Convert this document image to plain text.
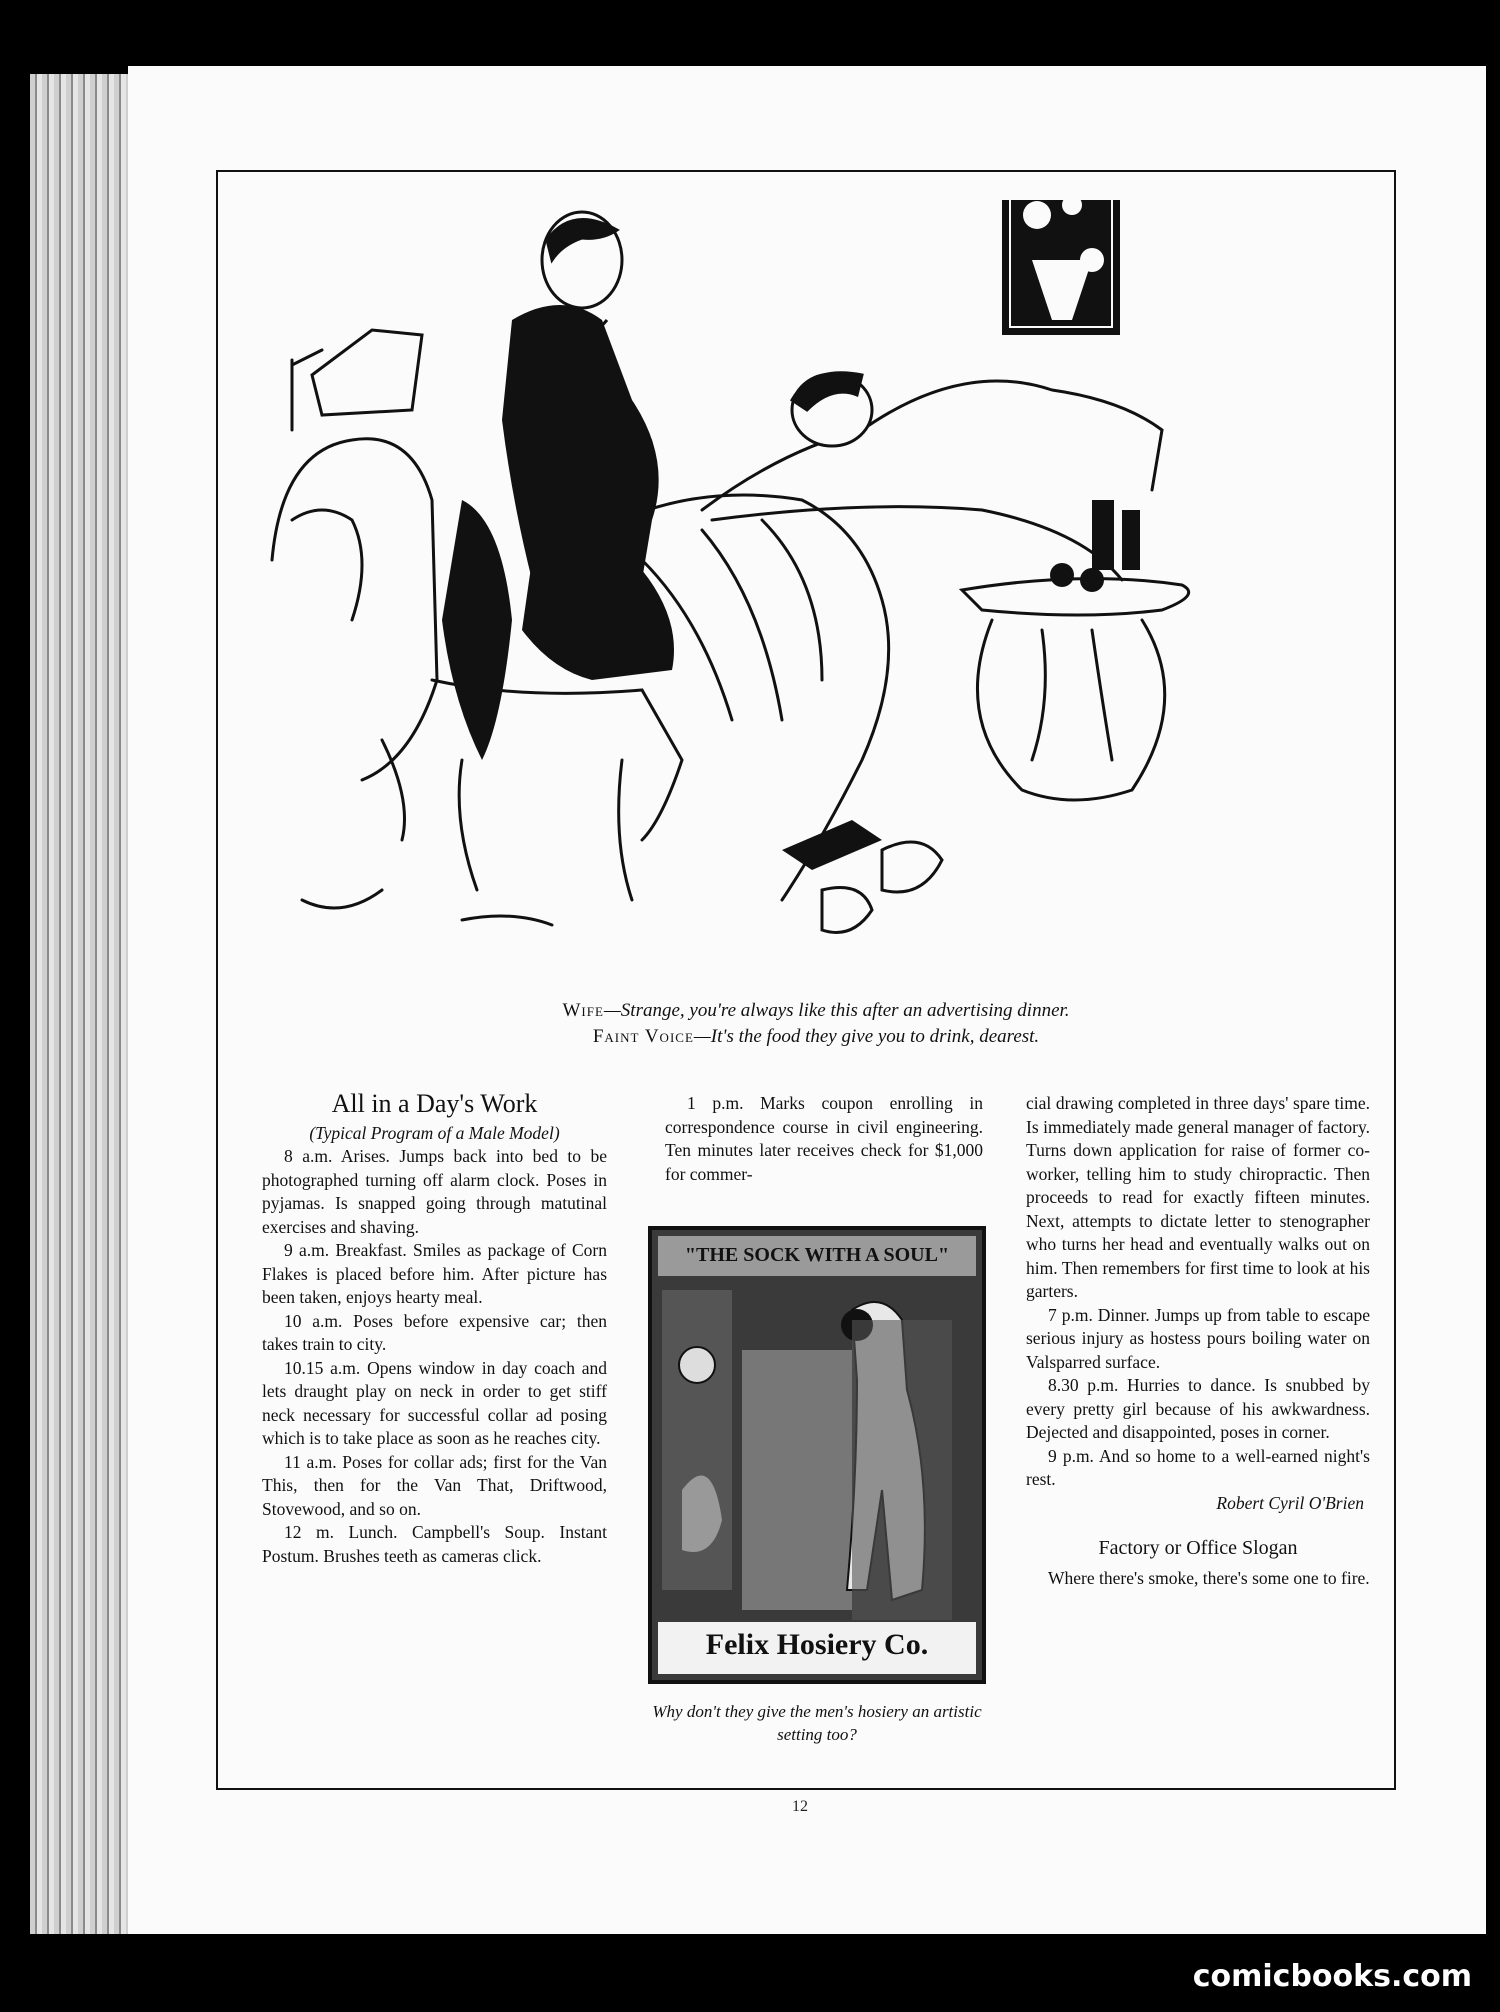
Wife—Strange, you're always like this after an advertising dinner.
Faint Voice—It's the food they give you to drink, dearest.
All in a Day's Work

(Typical Program of a Male Model)

8 a.m. Arises. Jumps back into bed to be photographed turning off alarm clock. Poses in pyjamas. Is snapped going through matutinal exercises and shaving.

9 a.m. Breakfast. Smiles as package of Corn Flakes is placed before him. After picture has been taken, enjoys hearty meal.

10 a.m. Poses before expensive car; then takes train to city.

10.15 a.m. Opens window in day coach and lets draught play on neck in order to get stiff neck necessary for successful collar ad posing which is to take place as soon as he reaches city.

11 a.m. Poses for collar ads; first for the Van This, then for the Van That, Driftwood, Stovewood, and so on.

12 m. Lunch. Campbell's Soup. Instant Postum. Brushes teeth as cameras click.

1 p.m. Marks coupon enrolling in correspondence course in civil engineering. Ten minutes later receives check for $1,000 for commer-

"THE SOCK WITH A SOUL"
Felix Hosiery Co.
Why don't they give the men's hosiery an artistic setting too?

cial drawing completed in three days' spare time. Is immediately made general manager of factory. Turns down application for raise of former co-worker, telling him to study chiropractic. Then proceeds to read for exactly fifteen minutes. Next, attempts to dictate letter to stenographer who turns her head and eventually walks out on him. Then remembers for first time to look at his garters.

7 p.m. Dinner. Jumps up from table to escape serious injury as hostess pours boiling water on Valsparred surface.

8.30 p.m. Hurries to dance. Is snubbed by every pretty girl because of his awkwardness. Dejected and disappointed, poses in corner.

9 p.m. And so home to a well-earned night's rest.

Robert Cyril O'Brien
Factory or Office Slogan

Where there's smoke, there's some one to fire.

12
comicbooks.com
